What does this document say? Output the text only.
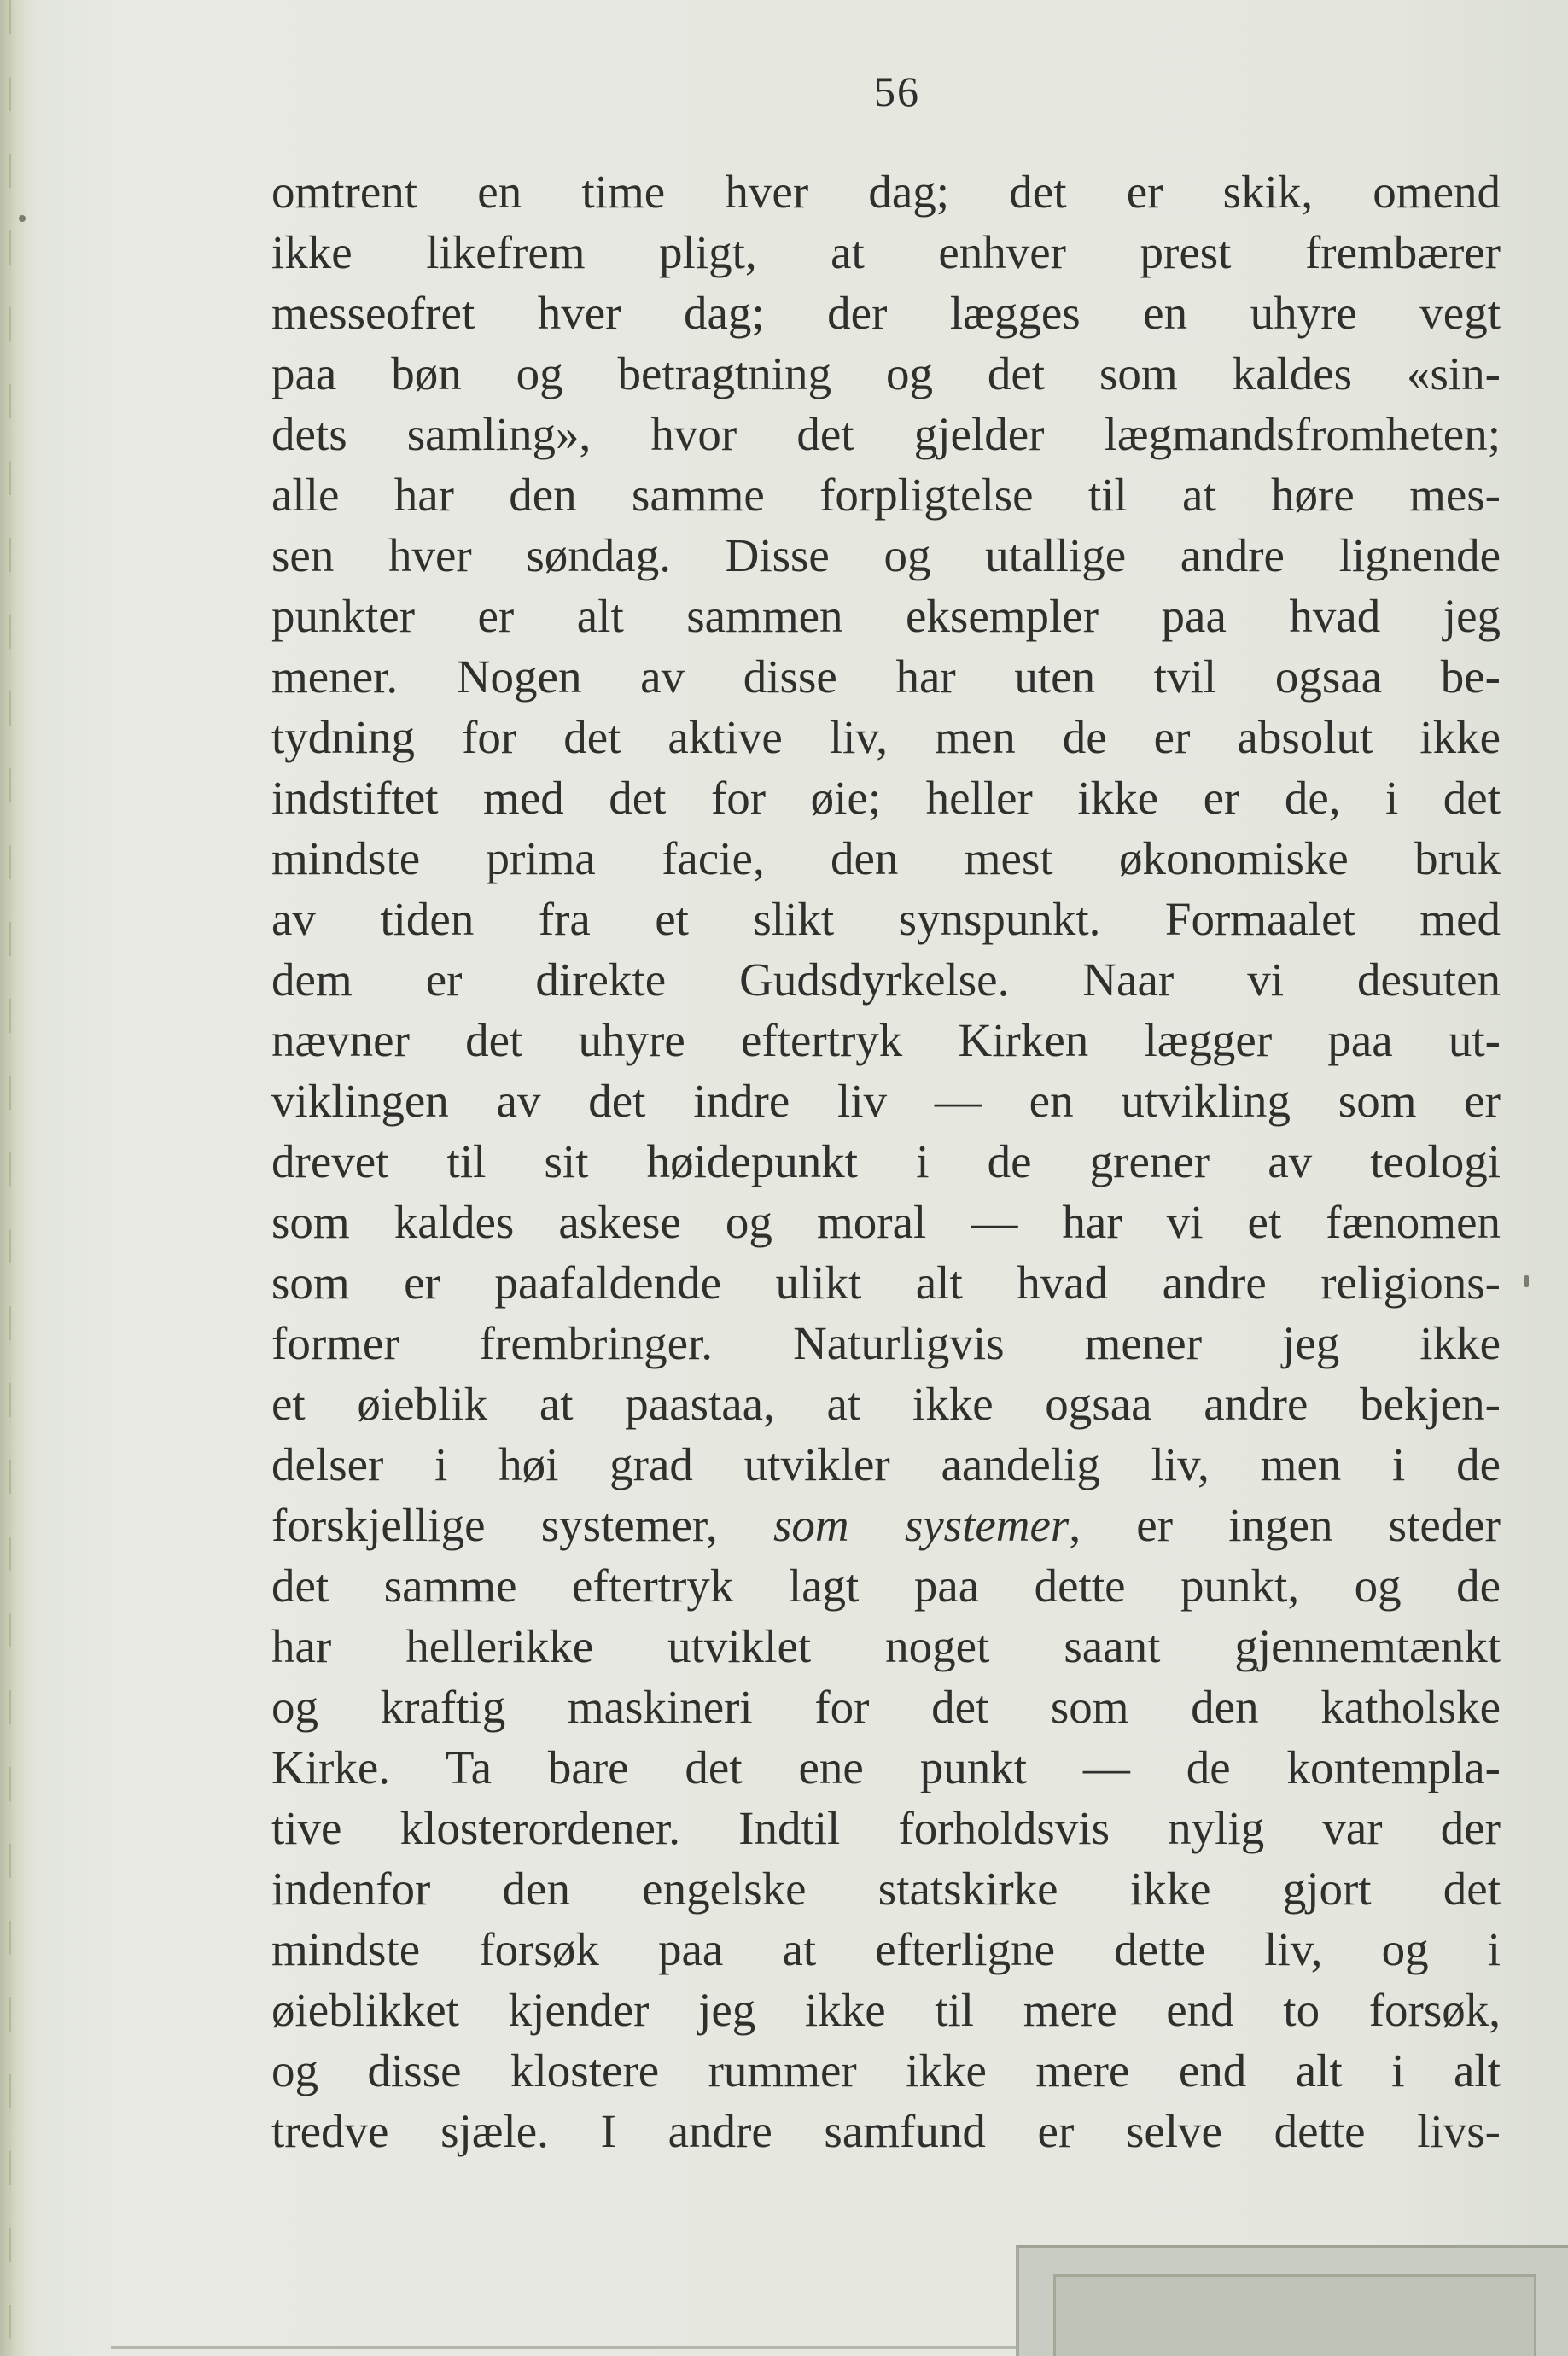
56
omtrent en time hver dag; det er skik, omend
ikke likefrem pligt, at enhver prest frembærer
messeofret hver dag; der lægges en uhyre vegt
paa bøn og betragtning og det som kaldes «sin-
dets samling», hvor det gjelder lægmandsfromheten;
alle har den samme forpligtelse til at høre mes-
sen hver søndag. Disse og utallige andre lignende
punkter er alt sammen eksempler paa hvad jeg
mener. Nogen av disse har uten tvil ogsaa be-
tydning for det aktive liv, men de er absolut ikke
indstiftet med det for øie; heller ikke er de, i det
mindste prima facie, den mest økonomiske bruk
av tiden fra et slikt synspunkt. Formaalet med
dem er direkte Gudsdyrkelse. Naar vi desuten
nævner det uhyre eftertryk Kirken lægger paa ut-
viklingen av det indre liv — en utvikling som er
drevet til sit høidepunkt i de grener av teologi
som kaldes askese og moral — har vi et fænomen
som er paafaldende ulikt alt hvad andre religions-
former frembringer. Naturligvis mener jeg ikke
et øieblik at paastaa, at ikke ogsaa andre bekjen-
delser i høi grad utvikler aandelig liv, men i de
forskjellige systemer, som systemer, er ingen steder
det samme eftertryk lagt paa dette punkt, og de
har hellerikke utviklet noget saant gjennemtænkt
og kraftig maskineri for det som den katholske
Kirke. Ta bare det ene punkt — de kontempla-
tive klosterordener. Indtil forholdsvis nylig var der
indenfor den engelske statskirke ikke gjort det
mindste forsøk paa at efterligne dette liv, og i
øieblikket kjender jeg ikke til mere end to forsøk,
og disse klostere rummer ikke mere end alt i alt
tredve sjæle. I andre samfund er selve dette livs-
